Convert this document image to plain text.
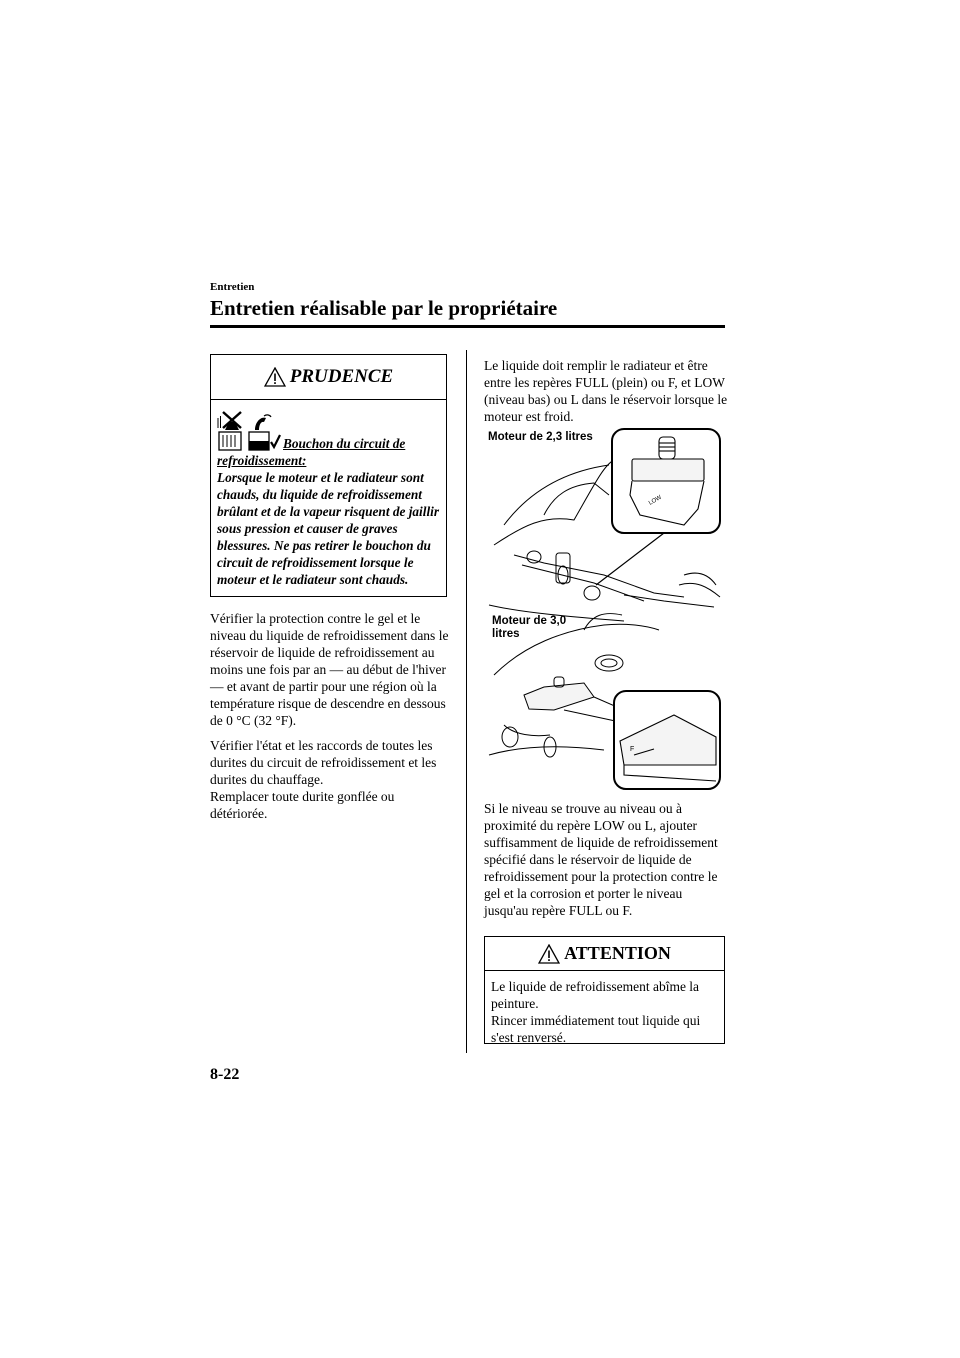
Entretien
Entretien réalisable par le propriétaire
PRUDENCE
Bouchon du circuit de
refroidissement:
Lorsque le moteur et le radiateur sont chauds, du liquide de refroidissement brûlant et de la vapeur risquent de jaillir sous pression et causer de graves blessures. Ne pas retirer le bouchon du circuit de refroidissement lorsque le moteur et le radiateur sont chauds.
Vérifier la protection contre le gel et le niveau du liquide de refroidissement dans le réservoir de liquide de refroidissement au moins une fois par an ― au début de l'hiver ― et avant de partir pour une région où la température risque de descendre en dessous de 0 °C (32 °F).
Vérifier l'état et les raccords de toutes les durites du circuit de refroidissement et les durites du chauffage.
Remplacer toute durite gonflée ou détériorée.
Le liquide doit remplir le radiateur et être entre les repères FULL (plein) ou F, et LOW (niveau bas) ou L dans le réservoir lorsque le moteur est froid.
LOW
F
Moteur de 2,3 litres
Moteur de 3,0 litres
Si le niveau se trouve au niveau ou à proximité du repère LOW ou L, ajouter suffisamment de liquide de refroidissement spécifié dans le réservoir de liquide de refroidissement pour la protection contre le gel et la corrosion et porter le niveau jusqu'au repère FULL ou F.
ATTENTION
Le liquide de refroidissement abîme la peinture.
Rincer immédiatement tout liquide qui s'est renversé.
8-22
